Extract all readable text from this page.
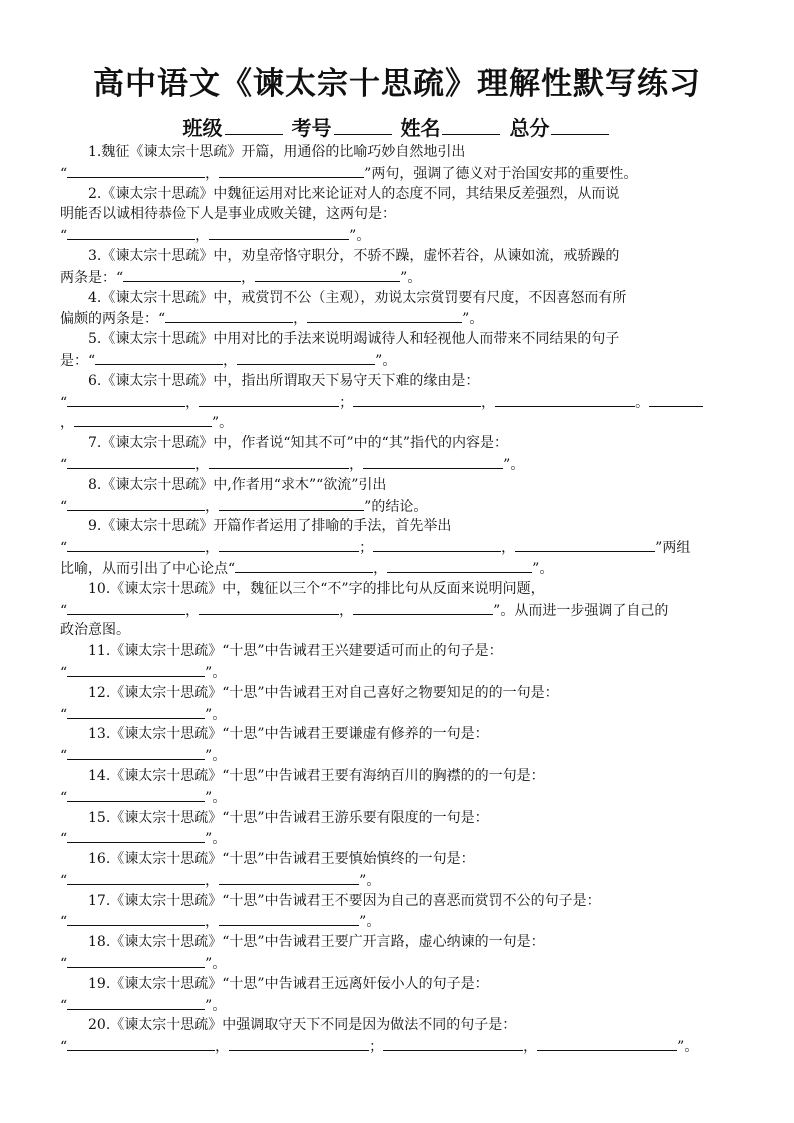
高中语文《谏太宗十思疏》理解性默写练习
班级	考号	姓名	总分
1.魏征《谏太宗十思疏》开篇，用通俗的比喻巧妙自然地引出
“	，	”两句，强调了德义对于治国安邦的重要性。
2.《谏太宗十思疏》中魏征运用对比来论证对人的态度不同，其结果反差强烈，从而说
明能否以诚相待恭俭下人是事业成败关键，这两句是：
“	，	”。
3.《谏太宗十思疏》中，劝皇帝恪守职分，不骄不躁，虚怀若谷，从谏如流，戒骄躁的
两条是：“	，	”。
4.《谏太宗十思疏》中，戒赏罚不公（主观），劝说太宗赏罚要有尺度，不因喜怒而有所
偏颇的两条是：“	，	”。
5.《谏太宗十思疏》中用对比的手法来说明竭诚待人和轻视他人而带来不同结果的句子
是：“	，	”。
6.《谏太宗十思疏》中，指出所谓取天下易守天下难的缘由是：
“	，	；	，	。
，	”。
7.《谏太宗十思疏》中，作者说“知其不可”中的“其”指代的内容是：
“	，	，	”。
8.《谏太宗十思疏》中,作者用“求木”“欲流”引出
“	，	”的结论。
9.《谏太宗十思疏》开篇作者运用了排喻的手法，首先举出
“	，	；	，	”两组
比喻，从而引出了中心论点“	，	”。
10.《谏太宗十思疏》中，魏征以三个“不”字的排比句从反面来说明问题，
“	，	，	”。从而进一步强调了自己的
政治意图。
11.《谏太宗十思疏》“十思”中告诫君王兴建要适可而止的句子是：
“	”。
12.《谏太宗十思疏》“十思”中告诫君王对自己喜好之物要知足的的一句是：
“	”。
13.《谏太宗十思疏》“十思”中告诫君王要谦虚有修养的一句是：
“	”。
14.《谏太宗十思疏》“十思”中告诫君王要有海纳百川的胸襟的的一句是：
“	”。
15.《谏太宗十思疏》“十思”中告诫君王游乐要有限度的一句是：
“	”。
16.《谏太宗十思疏》“十思”中告诫君王要慎始慎终的一句是：
“	，	”。
17.《谏太宗十思疏》“十思”中告诫君王不要因为自己的喜恶而赏罚不公的句子是：
“	，	”。
18.《谏太宗十思疏》“十思”中告诫君王要广开言路，虚心纳谏的一句是：
“	”。
19.《谏太宗十思疏》“十思”中告诫君王远离奸佞小人的句子是：
“	”。
20.《谏太宗十思疏》中强调取守天下不同是因为做法不同的句子是：
“	，	；	，	”。
